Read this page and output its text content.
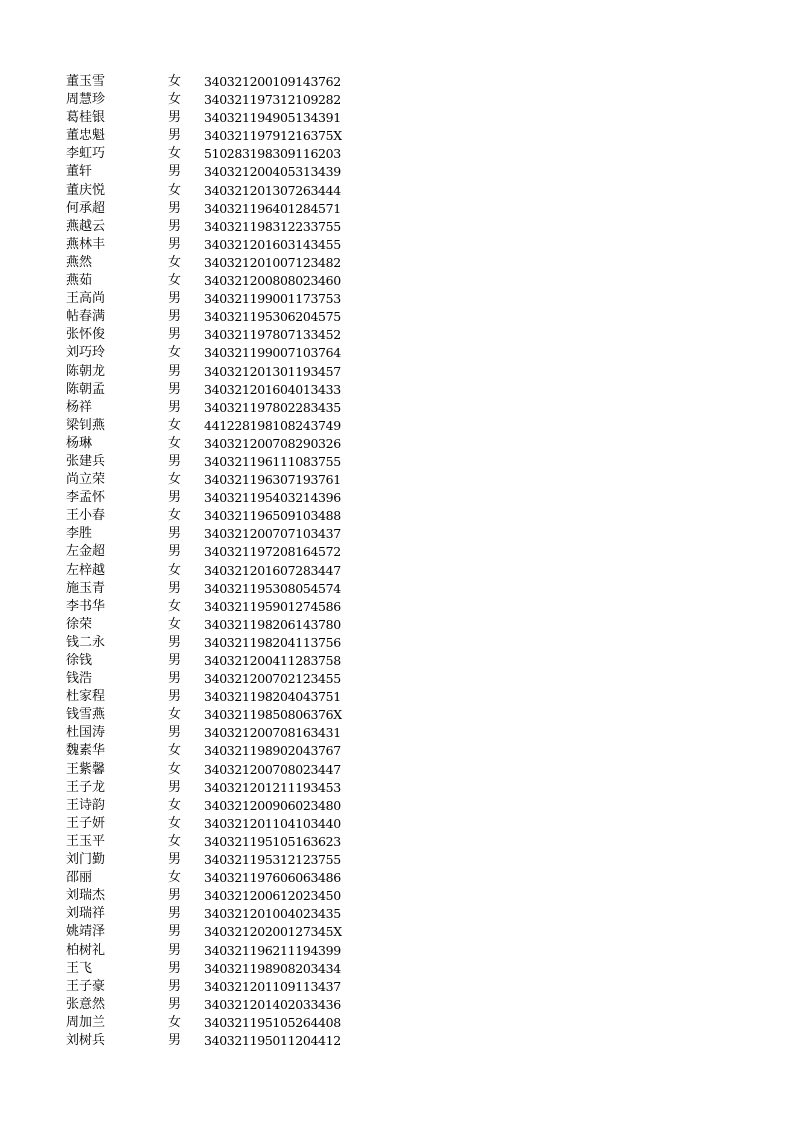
董玉雪	女	340321200109143762
周慧珍	女	340321197312109282
葛桂银	男	340321194905134391
董忠魁	男	34032119791216375X
李虹巧	女	510283198309116203
董轩	男	340321200405313439
董庆悦	女	340321201307263444
何承超	男	340321196401284571
燕越云	男	340321198312233755
燕林丰	男	340321201603143455
燕然	女	340321201007123482
燕茹	女	340321200808023460
王高尚	男	340321199001173753
帖春满	男	340321195306204575
张怀俊	男	340321197807133452
刘巧玲	女	340321199007103764
陈朝龙	男	340321201301193457
陈朝孟	男	340321201604013433
杨祥	男	340321197802283435
梁钊燕	女	441228198108243749
杨琳	女	340321200708290326
张建兵	男	340321196111083755
尚立荣	女	340321196307193761
李孟怀	男	340321195403214396
王小春	女	340321196509103488
李胜	男	340321200707103437
左金超	男	340321197208164572
左梓越	女	340321201607283447
施玉青	男	340321195308054574
李书华	女	340321195901274586
徐荣	女	340321198206143780
钱二永	男	340321198204113756
徐钱	男	340321200411283758
钱浩	男	340321200702123455
杜家程	男	340321198204043751
钱雪燕	女	34032119850806376X
杜国涛	男	340321200708163431
魏素华	女	340321198902043767
王紫馨	女	340321200708023447
王子龙	男	340321201211193453
王诗韵	女	340321200906023480
王子妍	女	340321201104103440
王玉平	女	340321195105163623
刘门勤	男	340321195312123755
邵丽	女	340321197606063486
刘瑞杰	男	340321200612023450
刘瑞祥	男	340321201004023435
姚靖泽	男	34032120200127345X
柏树礼	男	340321196211194399
王飞	男	340321198908203434
王子豪	男	340321201109113437
张意然	男	340321201402033436
周加兰	女	340321195105264408
刘树兵	男	340321195011204412
